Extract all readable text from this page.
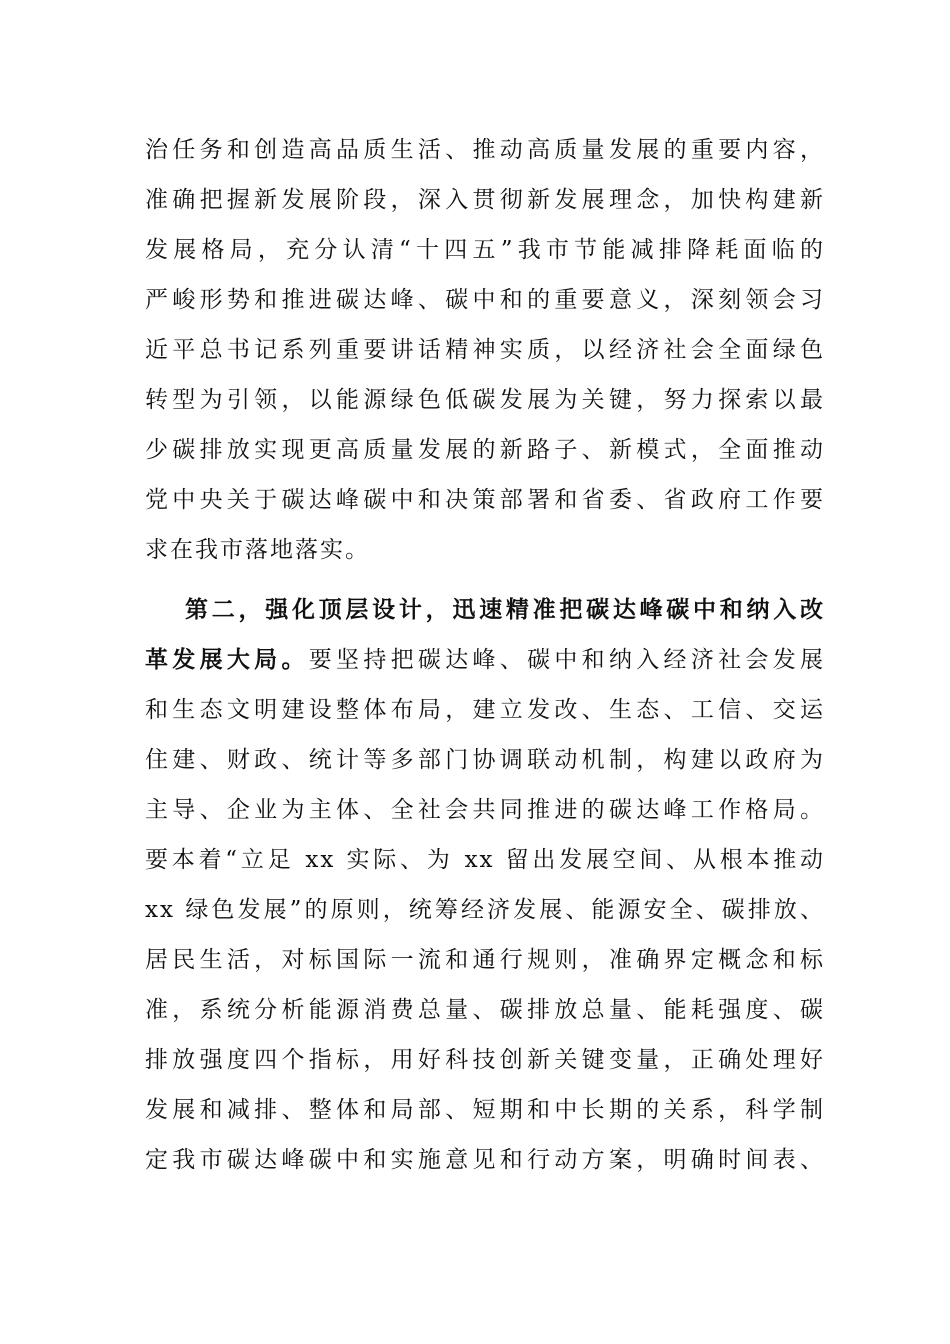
治任务和创造高品质生活、推动高质量发展的重要内容，
准确把握新发展阶段，深入贯彻新发展理念，加快构建新
发展格局，充分认清“十四五”我市节能减排降耗面临的
严峻形势和推进碳达峰、碳中和的重要意义，深刻领会习
近平总书记系列重要讲话精神实质，以经济社会全面绿色
转型为引领，以能源绿色低碳发展为关键，努力探索以最
少碳排放实现更高质量发展的新路子、新模式，全面推动
党中央关于碳达峰碳中和决策部署和省委、省政府工作要
求在我市落地落实。
第二，强化顶层设计，迅速精准把碳达峰碳中和纳入改
革发展大局。要坚持把碳达峰、碳中和纳入经济社会发展
和生态文明建设整体布局，建立发改、生态、工信、交运
住建、财政、统计等多部门协调联动机制，构建以政府为
主导、企业为主体、全社会共同推进的碳达峰工作格局。
要本着“立足 xx 实际、为 xx 留出发展空间、从根本推动
xx 绿色发展”的原则，统筹经济发展、能源安全、碳排放、
居民生活，对标国际一流和通行规则，准确界定概念和标
准，系统分析能源消费总量、碳排放总量、能耗强度、碳
排放强度四个指标，用好科技创新关键变量，正确处理好
发展和减排、整体和局部、短期和中长期的关系，科学制
定我市碳达峰碳中和实施意见和行动方案，明确时间表、
